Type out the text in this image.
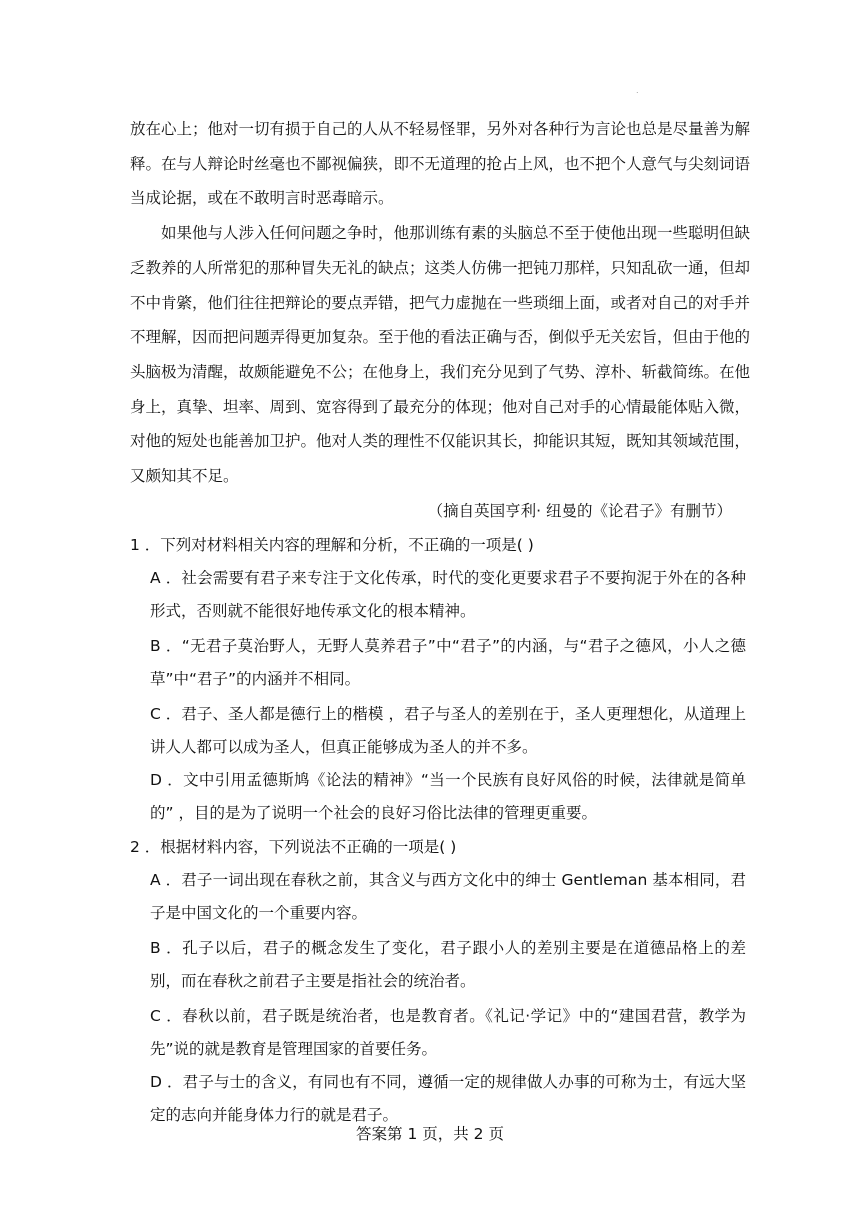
.

放在心上；他对一切有损于自己的人从不轻易怪罪，另外对各种行为言论也总是尽量善为解释。在与人辩论时丝毫也不鄙视偏狭，即不无道理的抢占上风，也不把个人意气与尖刻词语当成论据，或在不敢明言时恶毒暗示。

如果他与人涉入任何问题之争时，他那训练有素的头脑总不至于使他出现一些聪明但缺乏教养的人所常犯的那种冒失无礼的缺点；这类人仿佛一把钝刀那样，只知乱砍一通，但却不中肯綮，他们往往把辩论的要点弄错，把气力虚抛在一些琐细上面，或者对自己的对手并不理解，因而把问题弄得更加复杂。至于他的看法正确与否，倒似乎无关宏旨，但由于他的头脑极为清醒，故颇能避免不公；在他身上，我们充分见到了气势、淳朴、斩截简练。在他身上，真挚、坦率、周到、宽容得到了最充分的体现；他对自己对手的心情最能体贴入微，对他的短处也能善加卫护。他对人类的理性不仅能识其长，抑能识其短，既知其领域范围，又颇知其不足。

（摘自英国亨利· 纽曼的《论君子》有删节）
1 ．下列对材料相关内容的理解和分析，不正确的一项是( )
A ．社会需要有君子来专注于文化传承，时代的变化更要求君子不要拘泥于外在的各种形式，否则就不能很好地传承文化的根本精神。
B ．“无君子莫治野人，无野人莫养君子”中“君子”的内涵，与“君子之德风，小人之德草”中“君子”的内涵并不相同。
C ．君子、圣人都是德行上的楷模 ，君子与圣人的差别在于，圣人更理想化，从道理上讲人人都可以成为圣人，但真正能够成为圣人的并不多。
D ．文中引用孟德斯鸠《论法的精神》“当一个民族有良好风俗的时候，法律就是简单的” ，目的是为了说明一个社会的良好习俗比法律的管理更重要。
2 ．根据材料内容，下列说法不正确的一项是( )
A ．君子一词出现在春秋之前，其含义与西方文化中的绅士 Gentleman 基本相同，君子是中国文化的一个重要内容。
B ．孔子以后，君子的概念发生了变化，君子跟小人的差别主要是在道德品格上的差别，而在春秋之前君子主要是指社会的统治者。
C ．春秋以前，君子既是统治者，也是教育者。《礼记·学记》中的“建国君营，教学为先”说的就是教育是管理国家的首要任务。
D ．君子与士的含义，有同也有不同，遵循一定的规律做人办事的可称为士，有远大坚定的志向并能身体力行的就是君子。
答案第 1 页，共 2 页
